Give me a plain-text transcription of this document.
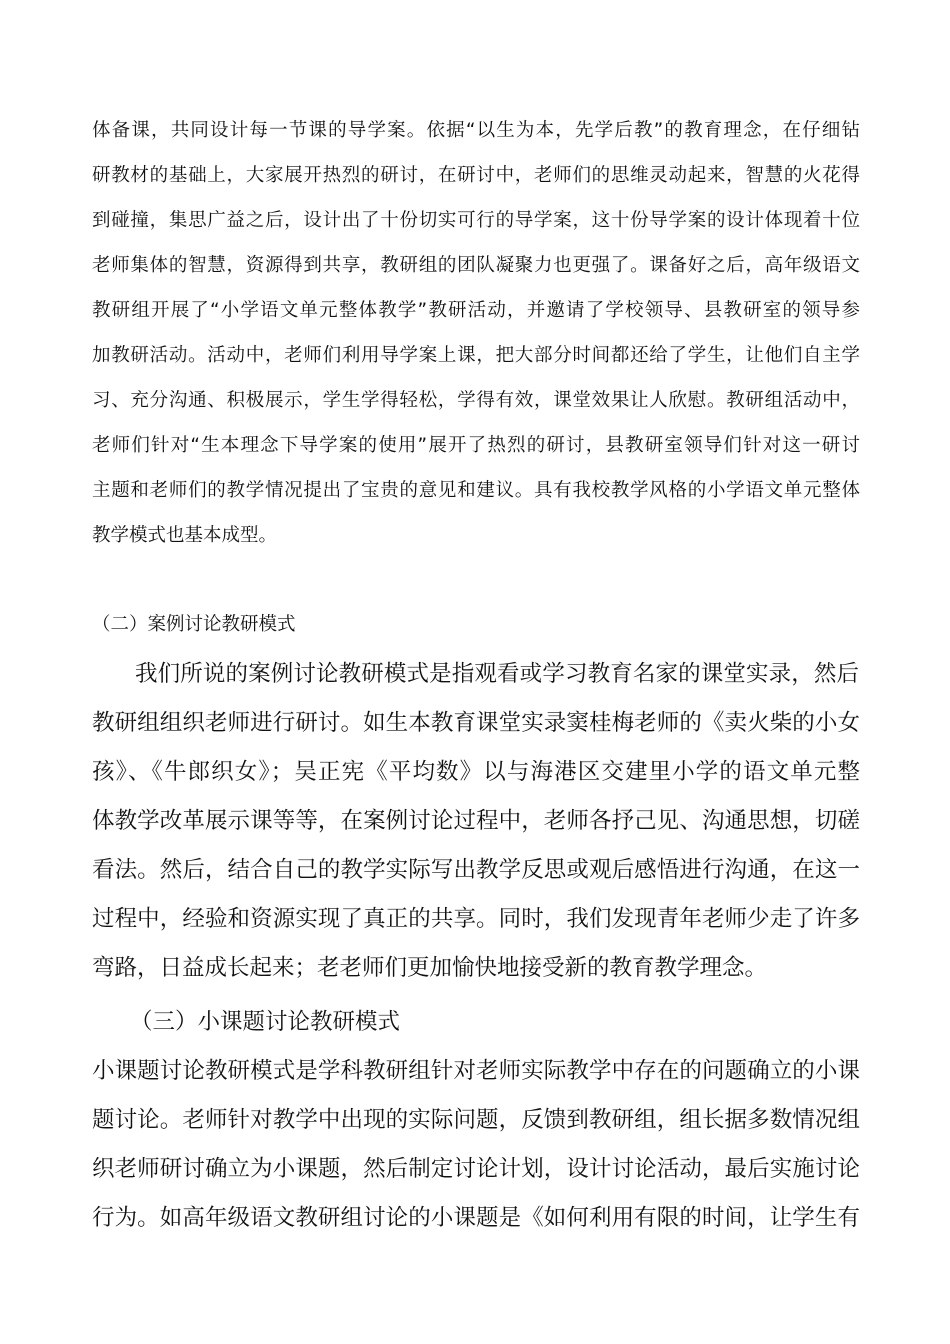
体备课，共同设计每一节课的导学案。依据“以生为本，先学后教”的教育理念，在仔细钻
研教材的基础上，大家展开热烈的研讨，在研讨中，老师们的思维灵动起来，智慧的火花得
到碰撞，集思广益之后，设计出了十份切实可行的导学案，这十份导学案的设计体现着十位
老师集体的智慧，资源得到共享，教研组的团队凝聚力也更强了。课备好之后，高年级语文
教研组开展了“小学语文单元整体教学”教研活动，并邀请了学校领导、县教研室的领导参
加教研活动。活动中，老师们利用导学案上课，把大部分时间都还给了学生，让他们自主学
习、充分沟通、积极展示，学生学得轻松，学得有效，课堂效果让人欣慰。教研组活动中，
老师们针对“生本理念下导学案的使用”展开了热烈的研讨，县教研室领导们针对这一研讨
主题和老师们的教学情况提出了宝贵的意见和建议。具有我校教学风格的小学语文单元整体
教学模式也基本成型。
（二）案例讨论教研模式
我们所说的案例讨论教研模式是指观看或学习教育名家的课堂实录，然后
教研组组织老师进行研讨。如生本教育课堂实录窦桂梅老师的《卖火柴的小女
孩》、《牛郎织女》；吴正宪《平均数》以与海港区交建里小学的语文单元整
体教学改革展示课等等，在案例讨论过程中，老师各抒己见、沟通思想，切磋
看法。然后，结合自己的教学实际写出教学反思或观后感悟进行沟通，在这一
过程中，经验和资源实现了真正的共享。同时，我们发现青年老师少走了许多
弯路，日益成长起来；老老师们更加愉快地接受新的教育教学理念。
（三）小课题讨论教研模式
小课题讨论教研模式是学科教研组针对老师实际教学中存在的问题确立的小课
题讨论。老师针对教学中出现的实际问题，反馈到教研组，组长据多数情况组
织老师研讨确立为小课题，然后制定讨论计划，设计讨论活动，最后实施讨论
行为。如高年级语文教研组讨论的小课题是《如何利用有限的时间，让学生有
